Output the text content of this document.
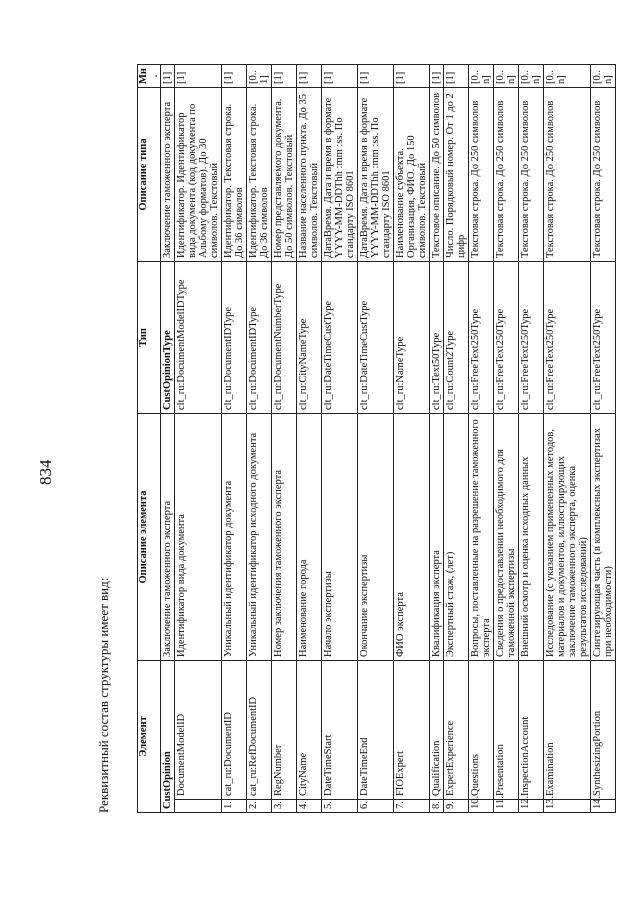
834
Реквизитный состав структуры имеет вид:	Элемент		Описание элемента	Тип	Описание типа	Мн.
CustOpinion		Заключение таможенного эксперта	CustOpinionType	Заключение таможенного эксперта	[1]
	DocumentModelID	Идентификатор вида документа	clt_ru:DocumentModelIDType	Идентификатор. Идентификатор вида документа (код документа по Альбому форматов). До 30 символов. Текстовый	[1]
1.	cat_ru:DocumentID	Уникальный идентификатор документа	clt_ru:DocumentIDType	Идентификатор. Текстовая строка. До 36 символов	[1]
2.	cat_ru:RefDocumentID	Уникальный идентификатор исходного документа	clt_ru:DocumentIDType	Идентификатор. Текстовая строка. До 36 символов	[0..1]
3.	RegNumber	Номер заключения таможенного эксперта	clt_ru:DocumentNumberType	Номер представляемого документа. До 50 символов. Текстовый	[1]
4.	CityName	Наименование города	clt_ru:CityNameType	Название населенного пункта. До 35 символов. Текстовый	[1]
5.	DateTimeStart	Начало экспертизы	clt_ru:DateTimeCustType	ДатаВремя. Дата и время в формате YYYY-MM-DDThh :mm :ss. По стандарту ISO 8601	[1]
6.	DateTimeEnd	Окончание экспертизы	clt_ru:DateTimeCustType	ДатаВремя. Дата и время в формате YYYY-MM-DDThh :mm :ss. По стандарту ISO 8601	[1]
7.	FIOExpert	ФИО эксперта	clt_ru:NameType	Наименование субъекта. Организация, ФИО. До 150 символов. Текстовый	[1]
8.	Qualification	Квалификация эксперта	clt_ru:Text50Type	Текстовое описание. До 50 символов	[1]
9.	ExpertExperience	Экспертный стаж, (лет)	clt_ru:Count2Type	Число. Порядковый номер. От 1 до 2 цифр	[1]
10.	Questions	Вопросы, поставленные на разрешение таможенного эксперта	clt_ru:FreeText250Type	Текстовая строка. До 250 символов	[0..n]
11.	Presentation	Сведения о предоставлении необходимого для таможенной экспертизы	clt_ru:FreeText250Type	Текстовая строка. До 250 символов	[0..n]
12.	InspectionAccount	Внешний осмотр и оценка исходных данных	clt_ru:FreeText250Type	Текстовая строка. До 250 символов	[0..n]
13.	Examination	Исследование (с указанием примененных методов, материалов и документов, иллюстрирующих заключение таможенного эксперта, оценка результатов исследований)	clt_ru:FreeText250Type	Текстовая строка. До 250 символов	[0..n]
14.	SynthesizingPortion	Синтезирующая часть (в комплексных экспертизах при необходимости)	clt_ru:FreeText250Type	Текстовая строка. До 250 символов	[0..n]
